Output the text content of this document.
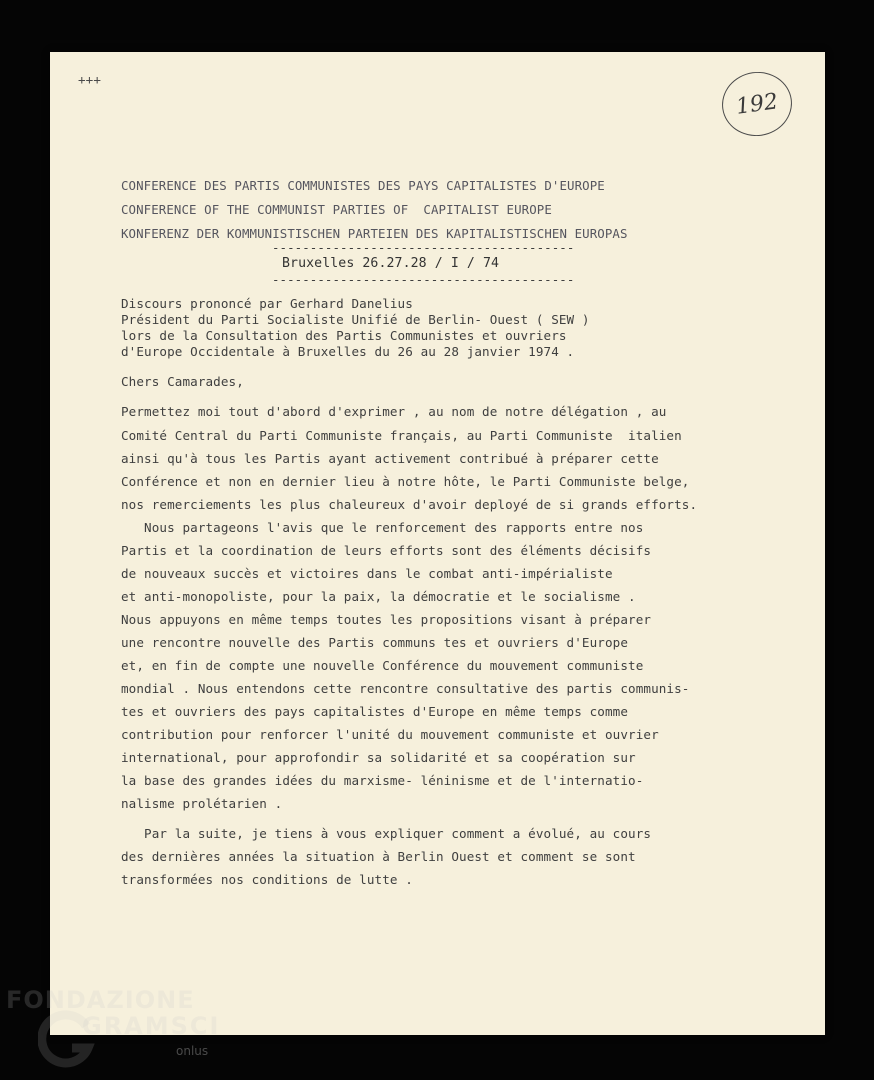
+++
192
CONFERENCE DES PARTIS COMMUNISTES DES PAYS CAPITALISTES D'EUROPE
CONFERENCE OF THE COMMUNIST PARTIES OF  CAPITALIST EUROPE
KONFERENZ DER KOMMUNISTISCHEN PARTEIEN DES KAPITALISTISCHEN EUROPAS
----------------------------------------
Bruxelles 26.27.28 / I / 74
----------------------------------------
Discours prononcé par Gerhard Danelius
Président du Parti Socialiste Unifié de Berlin- Ouest ( SEW )
lors de la Consultation des Partis Communistes et ouvriers
d'Europe Occidentale à Bruxelles du 26 au 28 janvier 1974 .
Chers Camarades,
Permettez moi tout d'abord d'exprimer , au nom de notre délégation , au
Comité Central du Parti Communiste français, au Parti Communiste  italien
ainsi qu'à tous les Partis ayant activement contribué à préparer cette
Conférence et non en dernier lieu à notre hôte, le Parti Communiste belge,
nos remerciements les plus chaleureux d'avoir deployé de si grands efforts.
Nous partageons l'avis que le renforcement des rapports entre nos
Partis et la coordination de leurs efforts sont des éléments décisifs
de nouveaux succès et victoires dans le combat anti-impérialiste
et anti-monopoliste, pour la paix, la démocratie et le socialisme .
Nous appuyons en même temps toutes les propositions visant à préparer
une rencontre nouvelle des Partis communs tes et ouvriers d'Europe
et, en fin de compte une nouvelle Conférence du mouvement communiste
mondial . Nous entendons cette rencontre consultative des partis communis-
tes et ouvriers des pays capitalistes d'Europe en même temps comme
contribution pour renforcer l'unité du mouvement communiste et ouvrier
international, pour approfondir sa solidarité et sa coopération sur
la base des grandes idées du marxisme- léninisme et de l'internatio-
nalisme prolétarien .
Par la suite, je tiens à vous expliquer comment a évolué, au cours
des dernières années la situation à Berlin Ouest et comment se sont
transformées nos conditions de lutte .
FONDAZIONE
GRAMSCI
onlus
